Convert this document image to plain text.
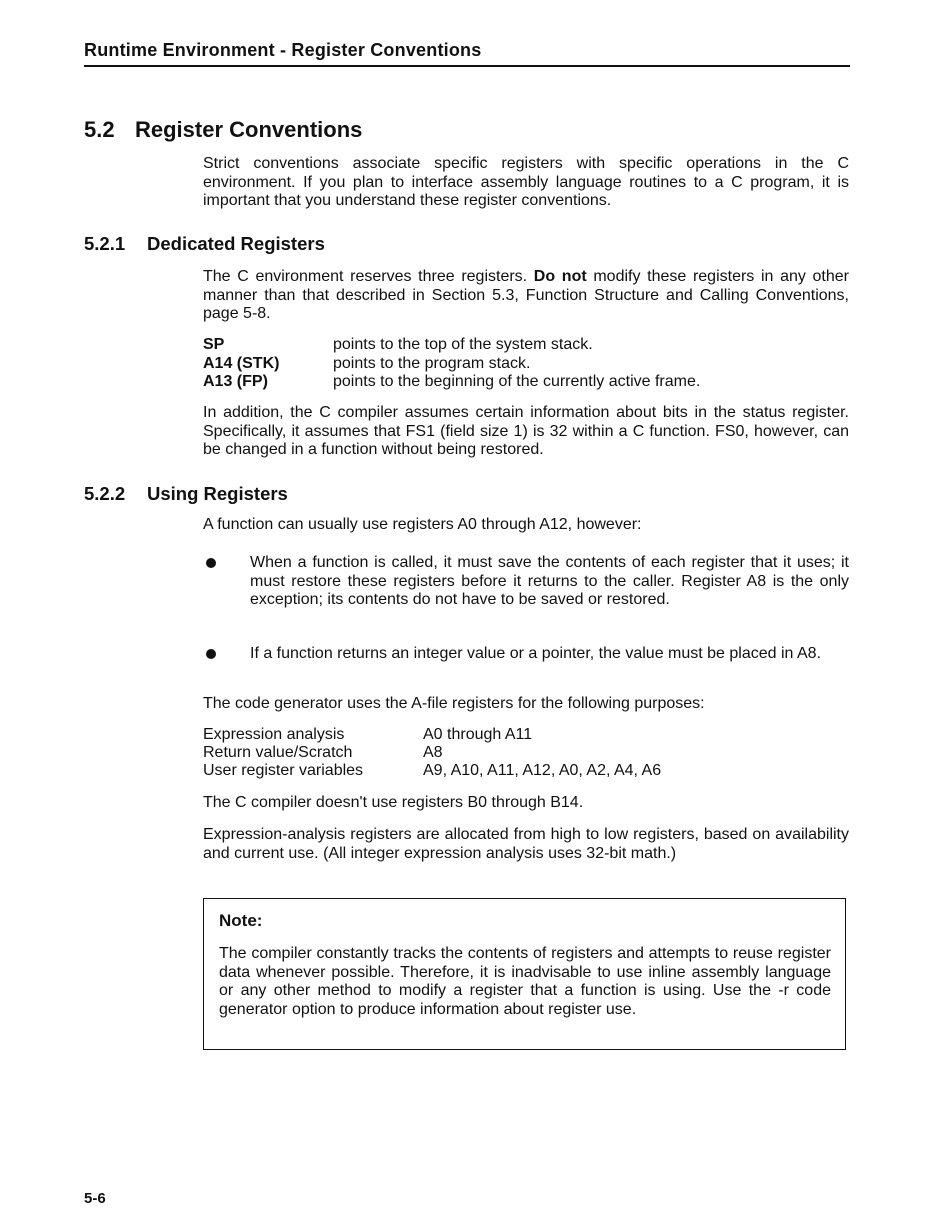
Runtime Environment - Register Conventions
5.2 Register Conventions

Strict conventions associate specific registers with specific operations in the C environment. If you plan to interface assembly language routines to a C program, it is important that you understand these register conventions.

5.2.1 Dedicated Registers

The C environment reserves three registers. Do not modify these registers in any other manner than that described in Section 5.3, Function Structure and Calling Conventions, page 5-8.

SP	points to the top of the system stack.
A14 (STK)	points to the program stack.
A13 (FP)	points to the beginning of the currently active frame.

In addition, the C compiler assumes certain information about bits in the status register. Specifically, it assumes that FS1 (field size 1) is 32 within a C function. FS0, however, can be changed in a function without being restored.

5.2.2 Using Registers

A function can usually use registers A0 through A12, however:

When a function is called, it must save the contents of each register that it uses; it must restore these registers before it returns to the caller. Register A8 is the only exception; its contents do not have to be saved or restored.
If a function returns an integer value or a pointer, the value must be placed in A8.

The code generator uses the A-file registers for the following purposes:

Expression analysis	A0 through A11
Return value/Scratch	A8
User register variables	A9, A10, A11, A12, A0, A2, A4, A6

The C compiler doesn't use registers B0 through B14.

Expression-analysis registers are allocated from high to low registers, based on availability and current use. (All integer expression analysis uses 32-bit math.)

Note:

The compiler constantly tracks the contents of registers and attempts to reuse register data whenever possible. Therefore, it is inadvisable to use inline assembly language or any other method to modify a register that a function is using. Use the -r code generator option to produce information about register use.

5-6
